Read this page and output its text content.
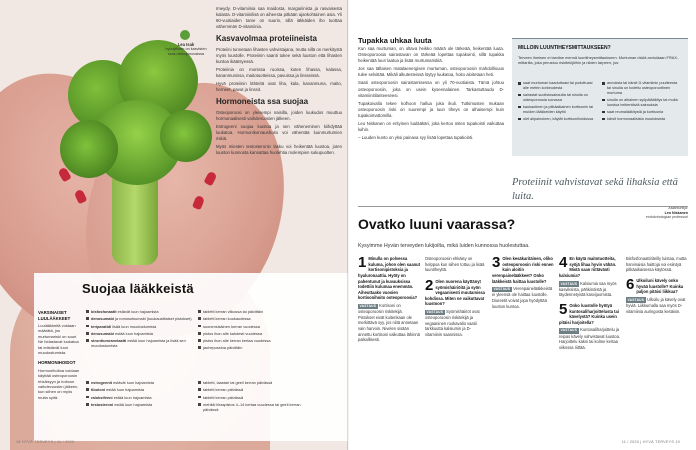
Lea Isak
hyödyllinen on kasvisten ruoa osteoporoosissa

Imeydy. D-vitamiinia saa maidosta, margariinista ja rasvaisesta kalasta. D-vitamiinilisä on aiheesta pitkään ajankohtainen asia. Yli 60-vuotiaiden tarve on suurin, sillä iäkkäiden iho tuottaa vähemmän D-vitamiinia.

Kasvavolmaa proteiineista

Proteiini tunnetaan lihasten vahvistajana, mutta sillä on merkitystä myös luustolle. Proteiinin saanti tukee sekä luuston että lihasten kuntoa ikääntyessä.

Proteiinia on monissa ruoissa, kuten lihassa, kalassa, kananmunissa, maitotuotteissa, pavuissa ja linsseissä.

Hyvä proteiinin lähteitä ovat liha, kala, kananmuna, maito, herneet, pavut ja linssit.

Hormoneista ssa suojaa

Osteoporoosi on yleisempi naisilla, joiden luukudos muuttuu hormonaalisesti vaihdevuosien jälkeen.

Estrogeeni suojaa luustoa ja sen väheneminen kiihdyttää luukatoa. Hormonikorvaushoito voi vähentää luunmurtumien riskiä.

Myös miesten testosteronin lasku voi heikentää luustoa, joten luuston kunnosta kannattaa huolehtia molempien sukupuolten.

Suojaa lääkkeistä
VARSINAISET LUULÄÄKKEET

Luulääkkeitä voidaan määrätä, jos murtumariski on suuri. Ne hidastavat luukatoa tai edistävät luun muodostumista.

HORMONIHOIDOT

Hormonihoitoa voidaan käyttää osteoporoosin ehkäisyyn ja hoitoon vaihdevuosien jälkeen, kun siihen on myös muita syitä.

bisfosfonaatit estävät luun hajoamista
denosumabi ja romosotsumabi (kuukausittaiset pistokset)
teriparatidi lisää luun muodostumista
denosumabi estää luun hajoamista
strontiumranelaatti estää luun hajoamista ja lisää sen muodostumista
tabletti kerran viikossa tai päivittäin
tabletti kerran kuukaudessa
suonensisäinen kerran vuodessa
pistos ihon alle kahdesti vuodessa
pistos ihon alle kerran kertaa vuodessa
jauhepussina päivittäin
estrogeenit estävät luun hajoamista
tiboloni estää luun hajoamista
raloksifeeni estää luun hajoamista
testosteroni estää luun hajoamista
tabletti, laastari tai geeli kerran päivässä
tabletti kerran päivässä
tabletti kerran päivässä
mehiläi lihaspistos 4–14 kertaa vuodessa tai geeli kerran päivässä
18 HYVÄ TERVEYS | 11 / 2020
Tupakka uhkaa luuta

Kun saa murtuman, on oltava heikko määrä ole tärkeää, heikentää luuta. Osteoporoosia sairastavan on tärkeää lopettaa tupakointi, sillä tupakka heikentää luun laatua ja lisää murtumariskiä.

Jos saa tällaisen matalaenergisen murtuman, osteoporoosin mahdollisuus tulee selvittää. Mikäli alkutesteissä löytyy luukatoa, hoito aloitetaan heti.

Saati osteoporoosin sairastamisessa on yli 70-vuotiaista. Tämä johtuu osteoporoosiin, joka on usein kyseenalainen. Tarkastuttaudu D-vitamiinitilanteeseesi.

Tupakoivalla tekee kolhoon hallua joka ikuli. Tutkimusten mukaan osteoporoosin riski on suurempi ja luun tiheys on alhaisempi kuin tupakoimattomilla.

Leo Niskanen on erityinen luulääkäri, joka kertoo miten tupakointi vaikuttaa luihin.

– Luuden kunto on yksi painava syy lisää lopettaa tupakointi.

MILLOIN LUUNTIHEYSMITTAUKSEEN?
Terveen ihmisen ei tarvitse mennä luuntiheysmittaukseen. Murtuman riskiä arvioidaan FRAX-mittarilla, joka perustuu riskitekijöihin ja niiden tarpeen, jos:
saat murtuman kaaduttuasi tai pudottuasi alle metrin korkeudesta
sairastat suolistosairautta tai sinulla on osteoporoosia suvussa
kaukautinen ja pitkäaikainen kortisonin tai muiden lääkkeiden käyttö
olet alipainoinen, käytät kortisonihoidossa
annoksia tai kärsit D-vitamiinin puutteesta tai sinulla on todettu osteoporoottinen murtuma
sinulla on alhainen syöpälääkitys tai muita luustoa heikentäviä sairauksia
saat reumalääkitystä ja kortisonia
kärsit hormonaalisista muutoksista
Proteiinit vahvistavat sekä lihaksia että luita.
Asiantuntija:
Leo Niskanen
endokrinologian professori
Ovatko luuni vaarassa?
Kysyimme Hyvän terveyden lukijoilta, mikä luiden kunnossa huolestuttaa.

1 Minulla on polvessa kuluma, johon olen saanut kortisonipistoksia ja hyaluronaattia. Hyöty on pahentunut ja kuvauksissa todettiin kulumaa enemmän. Aiheuttaako vuosien kortisonihoito osteoporoosia?

VASTAUS Kortisoni on osteoporoosin riskitekijä. Pistokset eivät kuitenkaan ole merkittävä syy, jos niitä annetaan vain harvoin. Nivelen sisään annettu kortisoni vaikuttaa lähinnä paikallisesti.

Osteoporoosin ehkäisy on helppoa kun siihen tottuu ja lisää luuntiheyttä.

2 Olen nuorena käyttänyt syömishäiriöitä ja syön vegaanisesti muutamissa kohdissa. Miten ne vaikuttavat luustoon?

VASTAUS Syömishäiriöt ovat osteoporoosin riskitekijä ja vegaaninen ruokavalio vaatii tarkkuutta kalsiumin ja D-vitamiinin saannissa.

3 Olen kesäkaritäinen, oliko osteoporoosin riski ennen kuin aloitin verenpainelääkkeet? Onko lääkkeistä haittaa luustolle?

VASTAUS Verenpainelääkkeistä ei yleensä ole haittaa luustolle. Diureetit voivat jopa hyödyttää luuston kuntoa.

4 En käytä maitotuotteita, syöjä lihaa hyvin vähän. Mistä saan riittävästi kalsiumia?

VASTAUS Kalsiumia saa myös kasviksista, pähkinöistä ja täydennetyistä kasvijuomista.

5 Onko luustolle hyötyä kuntosaliharjoittelusta tai kävelystä? Kuinka usein pitäisi harjoitella?

VASTAUS Kuntosaliharjoittelu ja reipas kävely vahvistavat luustoa. Harjoittelu kaksi tai kolme kertaa viikossa riittää.

Bisfosfonaattiriteilly luistaa, mutta harvinaisia haittoja voi esiintyä pitkäaikaisessa käytössä.

6 Ulkoiluni kävely onko hyvää luustolle? Kuinka paljon pitäisi liikkua?

VASTAUS Ulkoilu ja kävely ovat hyviä. Liikkumalla saa myös D-vitamiinia auringosta kesäisin.

11 / 2020 | HYVÄ TERVEYS 19
